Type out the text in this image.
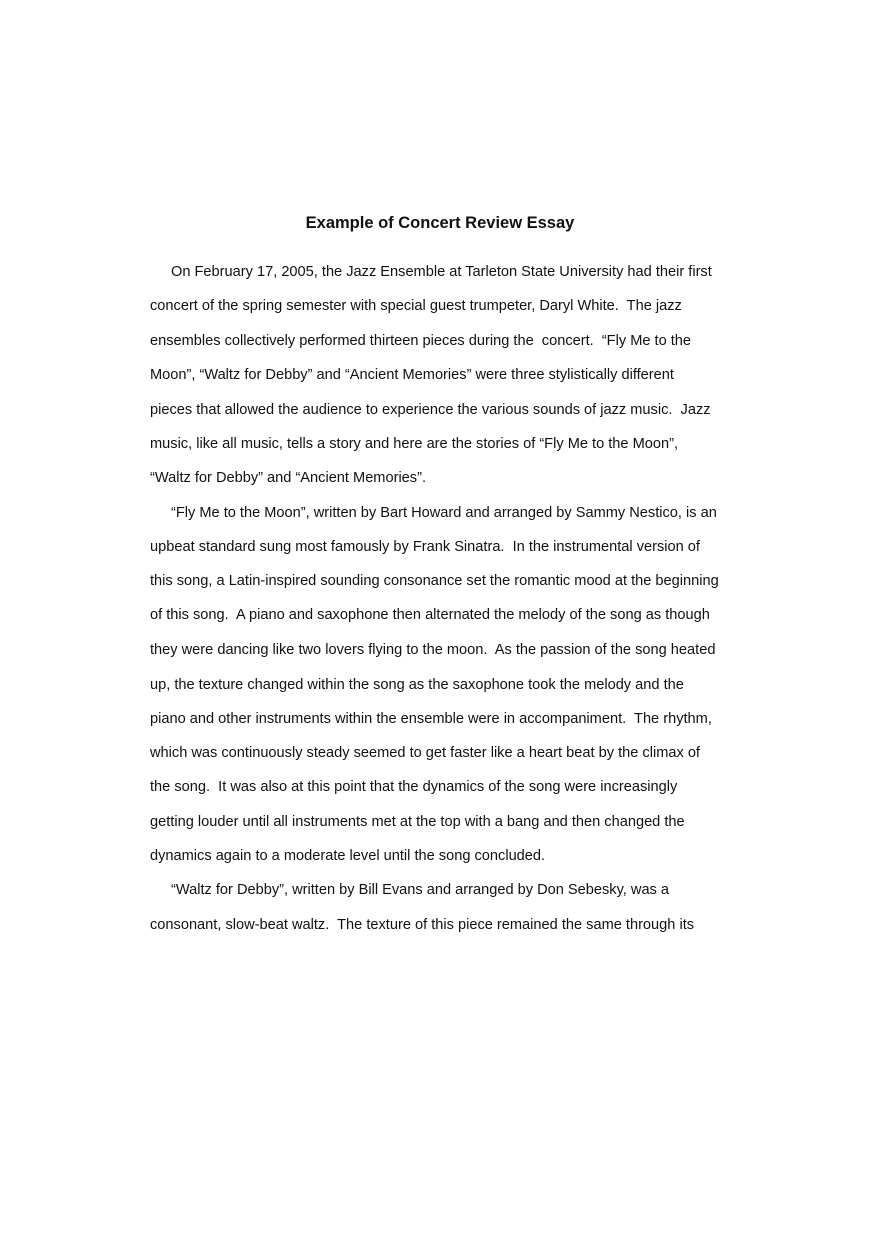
Example of Concert Review Essay

On February 17, 2005, the Jazz Ensemble at Tarleton State University had their first

concert of the spring semester with special guest trumpeter, Daryl White.  The jazz

ensembles collectively performed thirteen pieces during the  concert.  “Fly Me to the

Moon”, “Waltz for Debby” and “Ancient Memories” were three stylistically different

pieces that allowed the audience to experience the various sounds of jazz music.  Jazz

music, like all music, tells a story and here are the stories of “Fly Me to the Moon”,

“Waltz for Debby” and “Ancient Memories”.

“Fly Me to the Moon”, written by Bart Howard and arranged by Sammy Nestico, is an

upbeat standard sung most famously by Frank Sinatra.  In the instrumental version of

this song, a Latin-inspired sounding consonance set the romantic mood at the beginning

of this song.  A piano and saxophone then alternated the melody of the song as though

they were dancing like two lovers flying to the moon.  As the passion of the song heated

up, the texture changed within the song as the saxophone took the melody and the

piano and other instruments within the ensemble were in accompaniment.  The rhythm,

which was continuously steady seemed to get faster like a heart beat by the climax of

the song.  It was also at this point that the dynamics of the song were increasingly

getting louder until all instruments met at the top with a bang and then changed the

dynamics again to a moderate level until the song concluded.

“Waltz for Debby”, written by Bill Evans and arranged by Don Sebesky, was a

consonant, slow-beat waltz.  The texture of this piece remained the same through its
